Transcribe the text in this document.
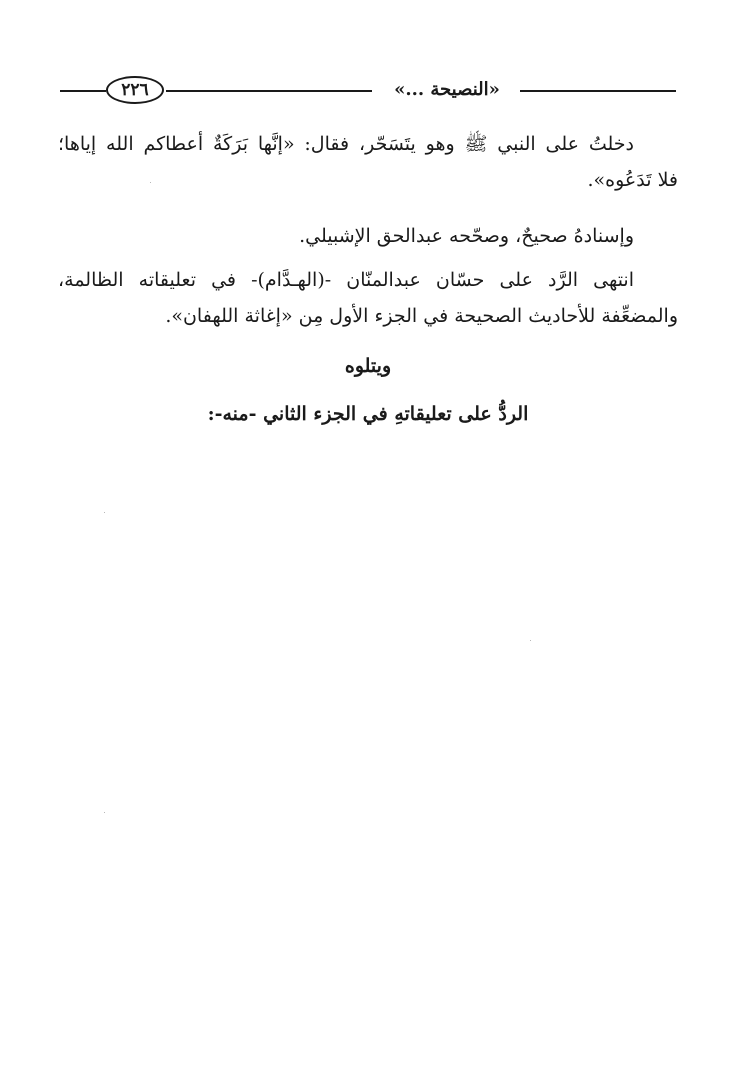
٢٢٦	«النصيحة ...»

دخلتُ على النبي ﷺ وهو يتَسَحّر، فقال: «إنَّها بَرَكَةٌ أعطاكم الله إياها؛
فلا تَدَعُوه».

وإسنادهُ صحيحٌ، وصحّحه عبدالحق الإشبيلي.

انتهى الرَّد على حسّان عبدالمنّان -(الهـدَّام)- في تعليقاته الظالمة،
والمضعِّفة للأحاديث الصحيحة في الجزء الأول مِن «إغاثة اللهفان».

ويتلوه

الردُّ على تعليقاتهِ في الجزء الثاني -منه-:
